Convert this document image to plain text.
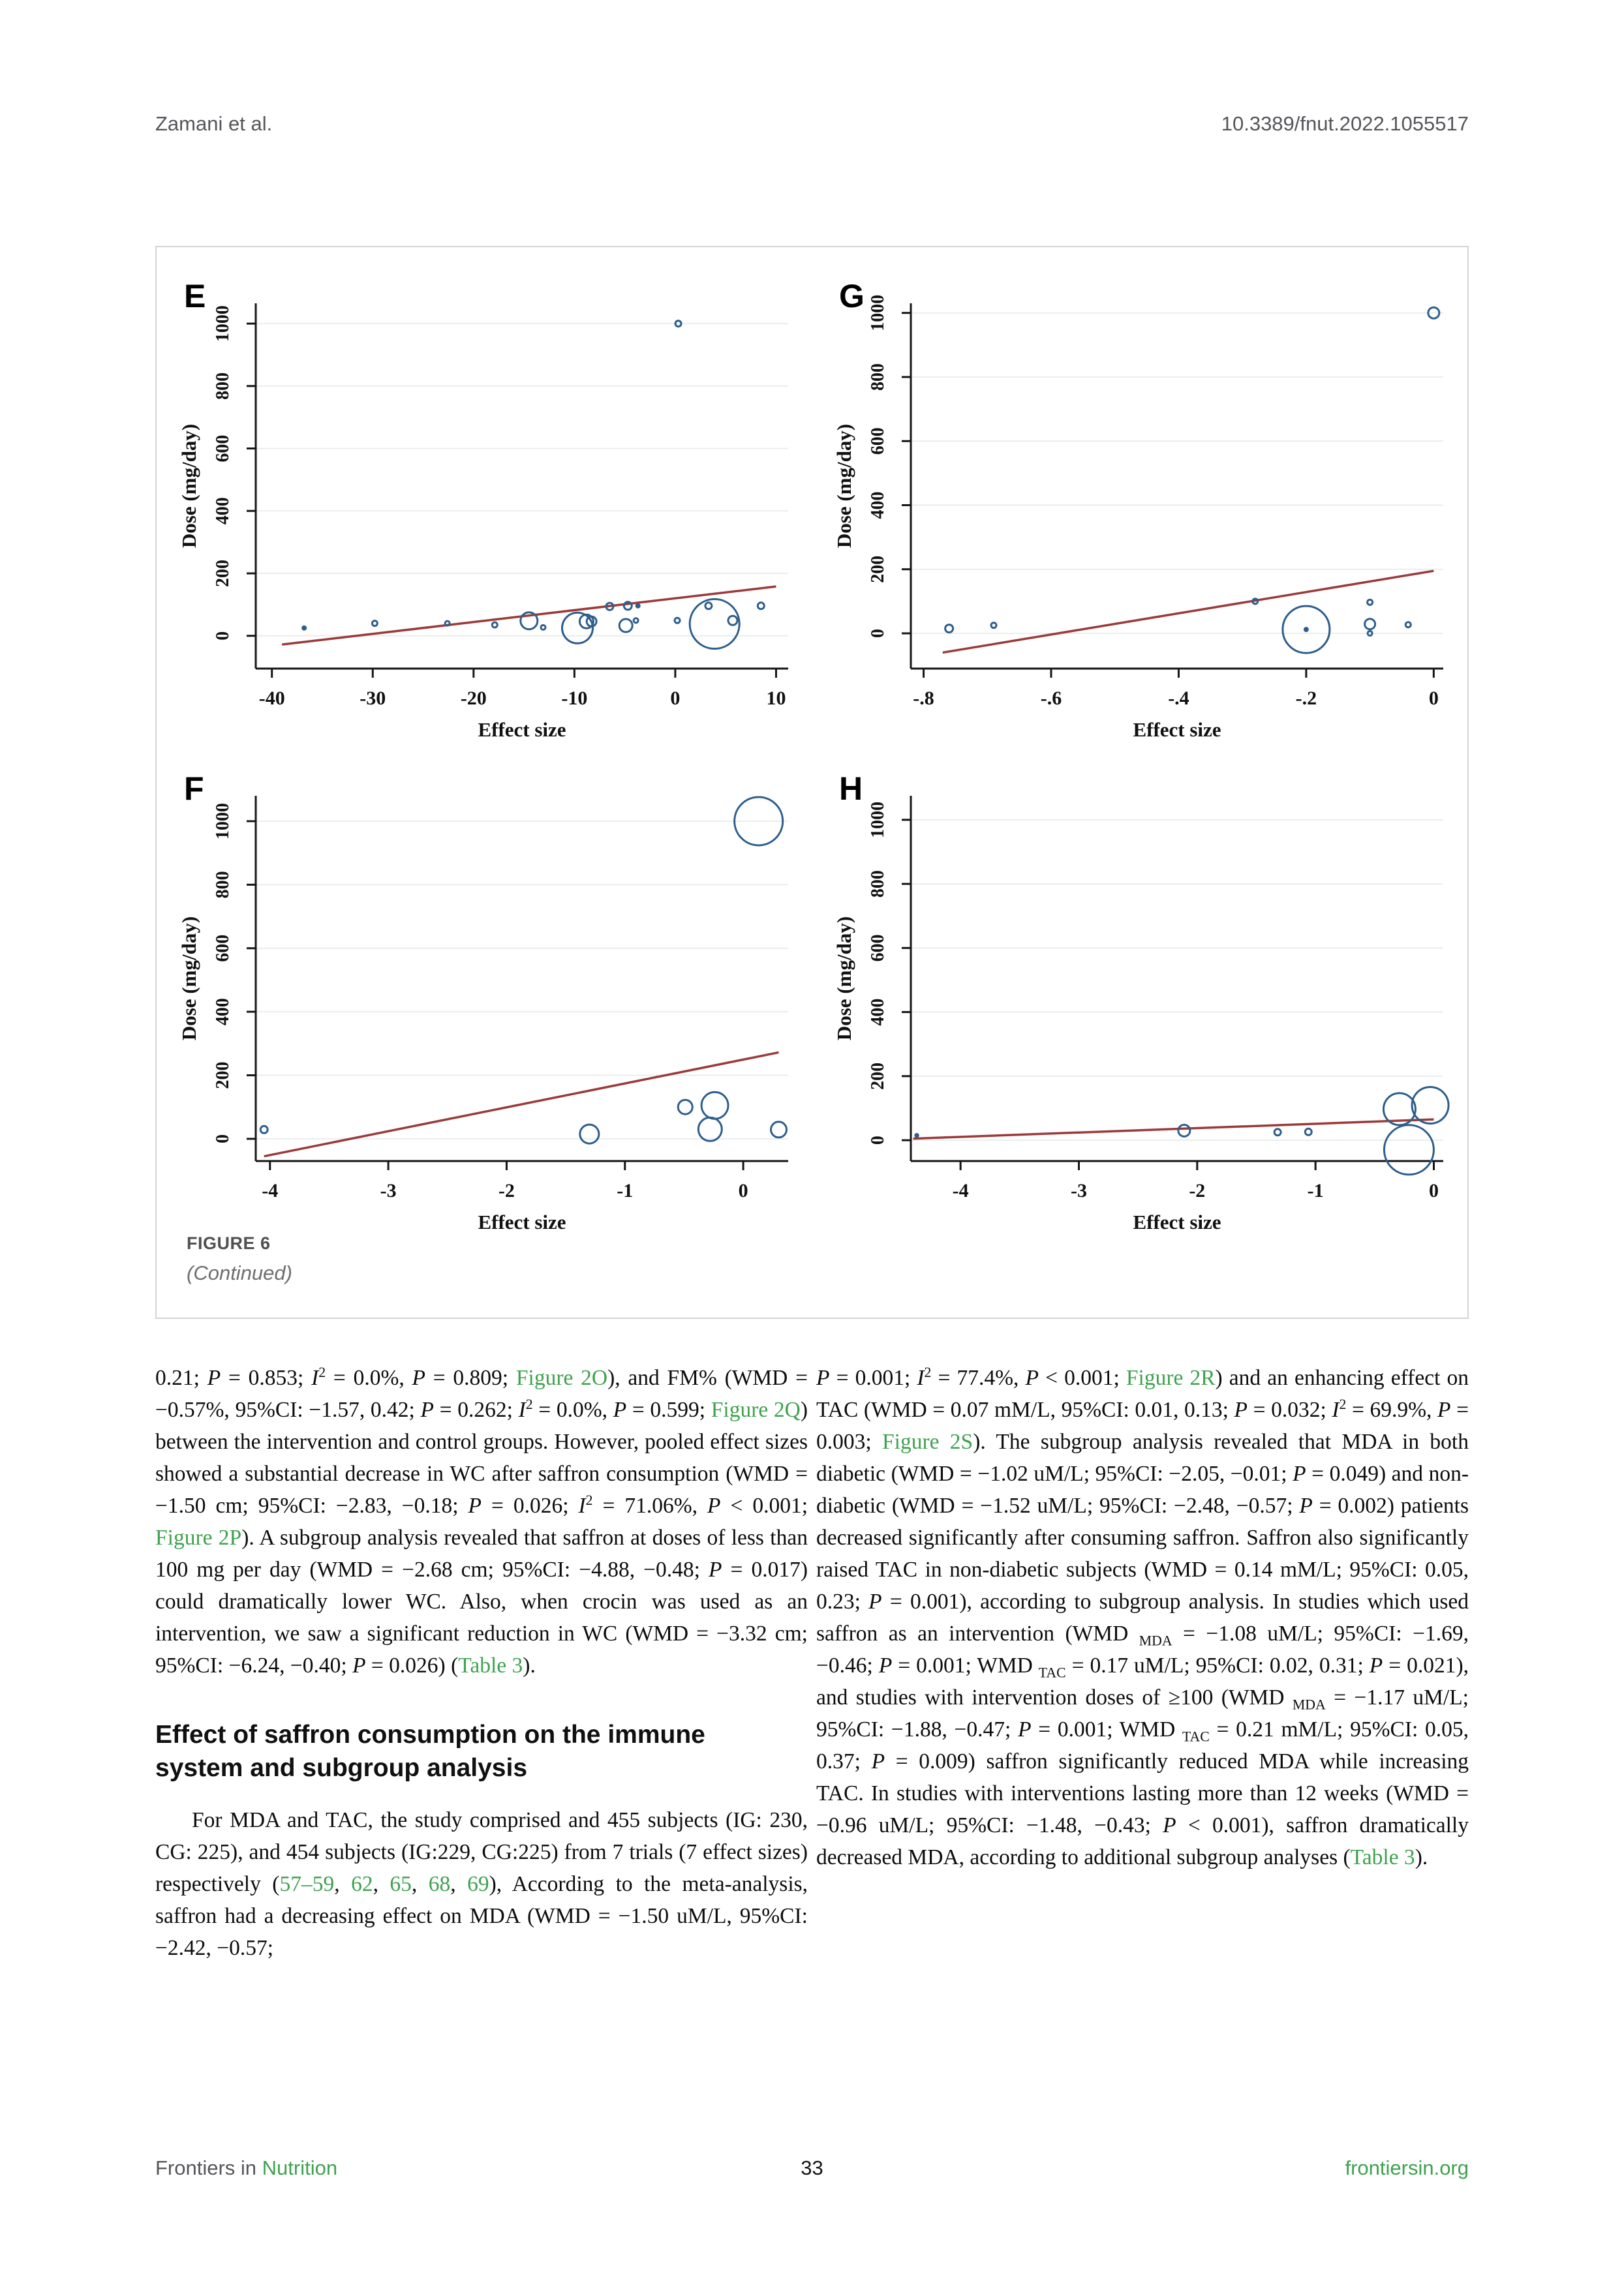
Zamani et al.	10.3389/fnut.2022.1055517
E
0
200
400
600
800
1000
-40	-30	-20	-10	0	10
Dose (mg/day)
Effect size
G
0
200
400
600
800
1000
-.8	-.6	-.4	-.2	0
Dose (mg/day)
Effect size
F
0
200
400
600
800
1000
-4	-3	-2	-1	0
Dose (mg/day)
Effect size
H
0
200
400
600
800
1000
-4	-3	-2	-1	0
Dose (mg/day)
Effect size
FIGURE 6
(Continued)

0.21; P = 0.853; $I^2 = 0.0\%$, P = 0.809; Figure 2O), and FM% (WMD = −0.57%, 95%CI: −1.57, 0.42; P = 0.262; $I^2 = 0.0\%$, P = 0.599; Figure 2Q) between the intervention and control groups. However, pooled effect sizes showed a substantial decrease in WC after saffron consumption (WMD = −1.50 cm; 95%CI: −2.83, −0.18; P = 0.026; $I^2 = 71.06\%$, P < 0.001; Figure 2P). A subgroup analysis revealed that saffron at doses of less than 100 mg per day (WMD = −2.68 cm; 95%CI: −4.88, −0.48; P = 0.017) could dramatically lower WC. Also, when crocin was used as an intervention, we saw a significant reduction in WC (WMD = −3.32 cm; 95%CI: −6.24, −0.40; P = 0.026) (Table 3).

Effect of saffron consumption on the immune
system and subgroup analysis

For MDA and TAC, the study comprised and 455 subjects (IG: 230, CG: 225), and 454 subjects (IG:229, CG:225) from 7 trials (7 effect sizes) respectively (57–59, 62, 65, 68, 69), According to the meta-analysis, saffron had a decreasing effect on MDA (WMD = −1.50 uM/L, 95%CI: −2.42, −0.57;

P = 0.001; $I^2 = 77.4\%$, P < 0.001; Figure 2R) and an enhancing effect on TAC (WMD = 0.07 mM/L, 95%CI: 0.01, 0.13; P = 0.032; $I^2 = 69.9\%$, P = 0.003; Figure 2S). The subgroup analysis revealed that MDA in both diabetic (WMD = −1.02 uM/L; 95%CI: −2.05, −0.01; P = 0.049) and non-diabetic (WMD = −1.52 uM/L; 95%CI: −2.48, −0.57; P = 0.002) patients decreased significantly after consuming saffron. Saffron also significantly raised TAC in non-diabetic subjects (WMD = 0.14 mM/L; 95%CI: 0.05, 0.23; P = 0.001), according to subgroup analysis. In studies which used saffron as an intervention (WMD $_{MDA}$ = −1.08 uM/L; 95%CI: −1.69, −0.46; P = 0.001; WMD $_{TAC}$ = 0.17 uM/L; 95%CI: 0.02, 0.31; P = 0.021), and studies with intervention doses of ≥100 (WMD $_{MDA}$ = −1.17 uM/L; 95%CI: −1.88, −0.47; P = 0.001; WMD $_{TAC}$ = 0.21 mM/L; 95%CI: 0.05, 0.37; P = 0.009) saffron significantly reduced MDA while increasing TAC. In studies with interventions lasting more than 12 weeks (WMD = −0.96 uM/L; 95%CI: −1.48, −0.43; P < 0.001), saffron dramatically decreased MDA, according to additional subgroup analyses (Table 3).

33
Frontiers in Nutrition	frontiersin.org
